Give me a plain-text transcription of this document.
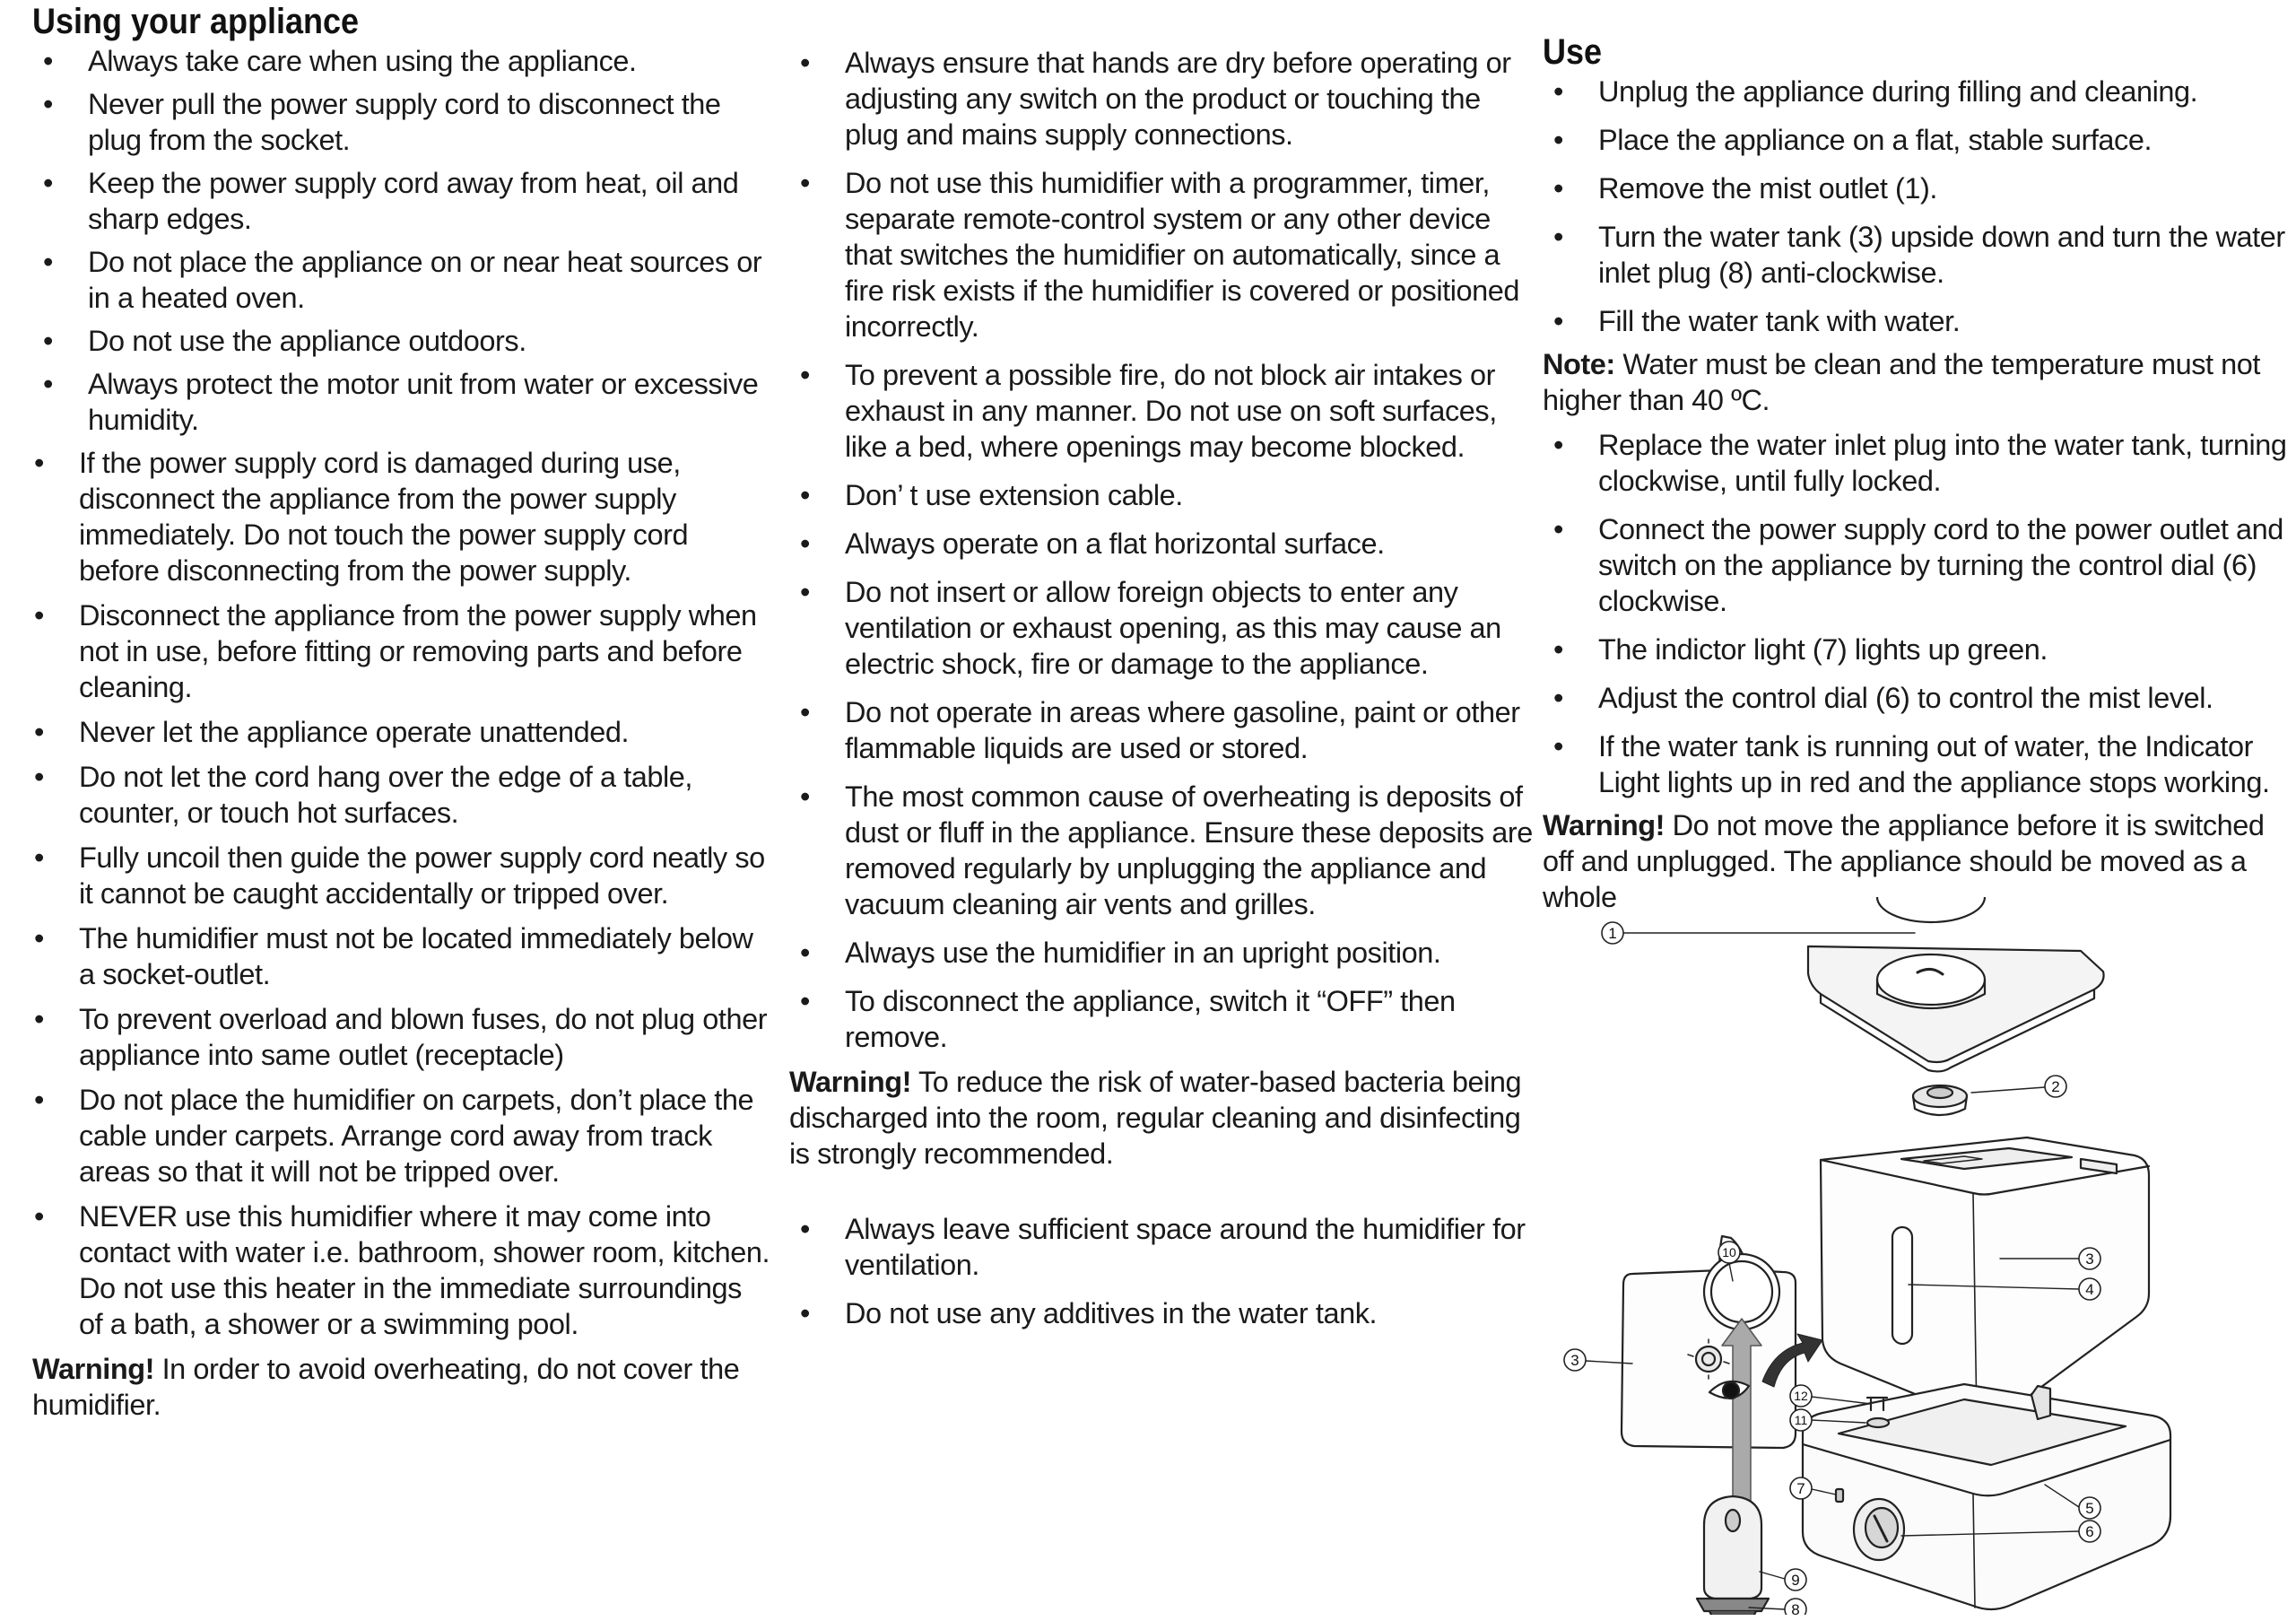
Using your appliance
• Always take care when using the appliance.
• Never pull the power supply cord to disconnect the plug from the socket.
• Keep the power supply cord away from heat, oil and sharp edges.
• Do not place the appliance on or near heat sources or in a heated oven.
• Do not use the appliance outdoors.
• Always protect the motor unit from water or excessive humidity.
• If the power supply cord is damaged during use, disconnect the appliance from the power supply immediately. Do not touch the power supply cord before disconnecting from the power supply.
• Disconnect the appliance from the power supply when not in use, before fitting or removing parts and before cleaning.
• Never let the appliance operate unattended.
• Do not let the cord hang over the edge of a table, counter, or touch hot surfaces.
• Fully uncoil then guide the power supply cord neatly so it cannot be caught accidentally or tripped over.
• The humidifier must not be located immediately below a socket-outlet.
• To prevent overload and blown fuses, do not plug other appliance into same outlet (receptacle)
• Do not place the humidifier on carpets, don’t place the cable under carpets. Arrange cord away from track areas so that it will not be tripped over.
• NEVER use this humidifier where it may come into contact with water i.e. bathroom, shower room, kitchen. Do not use this heater in the immediate surroundings of a bath, a shower or a swimming pool.

Warning! In order to avoid overheating, do not cover the humidifier.

• Always ensure that hands are dry before operating or adjusting any switch on the product or touching the plug and mains supply connections.
• Do not use this humidifier with a programmer, timer, separate remote-control system or any other device that switches the humidifier on automatically, since a fire risk exists if the humidifier is covered or positioned incorrectly.
• To prevent a possible fire, do not block air intakes or exhaust in any manner. Do not use on soft surfaces, like a bed, where openings may become blocked.
• Don’ t use extension cable.
• Always operate on a flat horizontal surface.
• Do not insert or allow foreign objects to enter any ventilation or exhaust opening, as this may cause an electric shock, fire or damage to the appliance.
• Do not operate in areas where gasoline, paint or other flammable liquids are used or stored.
• The most common cause of overheating is deposits of dust or fluff in the appliance. Ensure these deposits are removed regularly by unplugging the appliance and vacuum cleaning air vents and grilles.
• Always use the humidifier in an upright position.
• To disconnect the appliance, switch it “OFF” then remove.

Warning! To reduce the risk of water-based bacteria being discharged into the room, regular cleaning and disinfecting is strongly recommended.

• Always leave sufficient space around the humidifier for ventilation.
• Do not use any additives in the water tank.
Use
• Unplug the appliance during filling and cleaning.
• Place the appliance on a flat, stable surface.
• Remove the mist outlet (1).
• Turn the water tank (3) upside down and turn the water inlet plug (8) anti-clockwise.
• Fill the water tank with water.

Note: Water must be clean and the temperature must not higher than 40 ºC.

• Replace the water inlet plug into the water tank, turning clockwise, until fully locked.
• Connect the power supply cord to the power outlet and switch on the appliance by turning the control dial (6) clockwise.
• The indictor light (7) lights up green.
• Adjust the control dial (6) to control the mist level.
• If the water tank is running out of water, the Indicator Light lights up in red and the appliance stops working.

Warning! Do not move the appliance before it is switched off and unplugged. The appliance should be moved as a whole

1
2
3
4
5
6
7
8
9
10
11
12
3
